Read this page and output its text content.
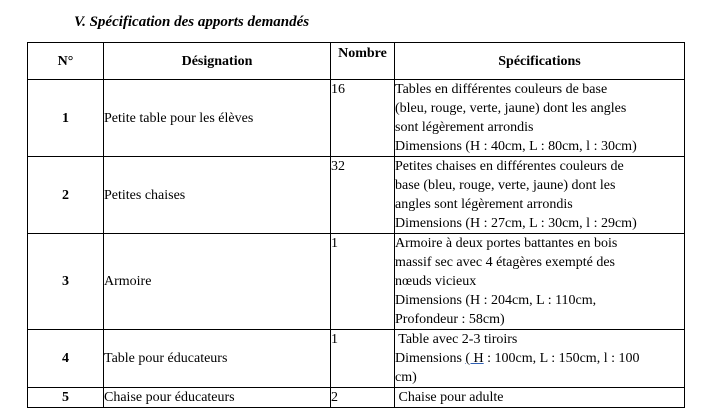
V. Spécification des apports demandés
N°	Désignation	Nombre	Spécifications
1	Petite table pour les élèves	16	Tables en différentes couleurs de base
(bleu, rouge, verte, jaune) dont les angles
sont légèrement arrondis
Dimensions (H : 40cm, L : 80cm, l : 30cm)

2	Petites chaises	32	Petites chaises en différentes couleurs de
base (bleu, rouge, verte, jaune) dont les
angles sont légèrement arrondis
Dimensions (H : 27cm, L : 30cm, l : 29cm)

3	Armoire	1	Armoire à deux portes battantes en bois
massif sec avec 4 étagères exempté des
nœuds vicieux
Dimensions (H : 204cm, L : 110cm,
Profondeur : 58cm)

4	Table pour éducateurs	1	Table avec 2-3 tiroirs
Dimensions ( H : 100cm, L : 150cm, l : 100
cm)

5	Chaise pour éducateurs	2	Chaise pour adulte
